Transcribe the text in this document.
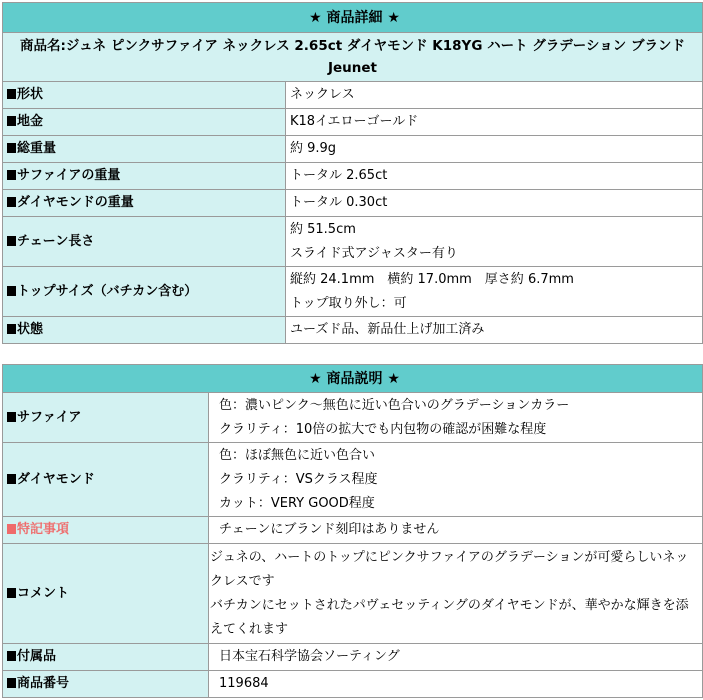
★ 商品詳細 ★	
商品名:ジュネ ピンクサファイア ネックレス 2.65ct ダイヤモンド K18YG ハート グラデーション ブランド Jeunet	
形状	ネックレス
地金	K18イエローゴールド
総重量	約 9.9g
サファイアの重量	トータル 2.65ct
ダイヤモンドの重量	トータル 0.30ct
チェーン長さ	約 51.5cm
スライド式アジャスター有り

トップサイズ（バチカン含む）	縦約 24.1mm　横約 17.0mm　厚さ約 6.7mm
トップ取り外し：可

状態	ユーズド品、新品仕上げ加工済み
★ 商品説明 ★	
サファイア	色：濃いピンク～無色に近い色合いのグラデーションカラー
クラリティ：10倍の拡大でも内包物の確認が困難な程度

ダイヤモンド	色：ほぼ無色に近い色合い
クラリティ：VSクラス程度
カット：VERY GOOD程度

特記事項	チェーンにブランド刻印はありません
コメント	ジュネの、ハートのトップにピンクサファイアのグラデーションが可愛らしいネックレスです
バチカンにセットされたパヴェセッティングのダイヤモンドが、華やかな輝きを添えてくれます

付属品	日本宝石科学協会ソーティング
商品番号	119684
